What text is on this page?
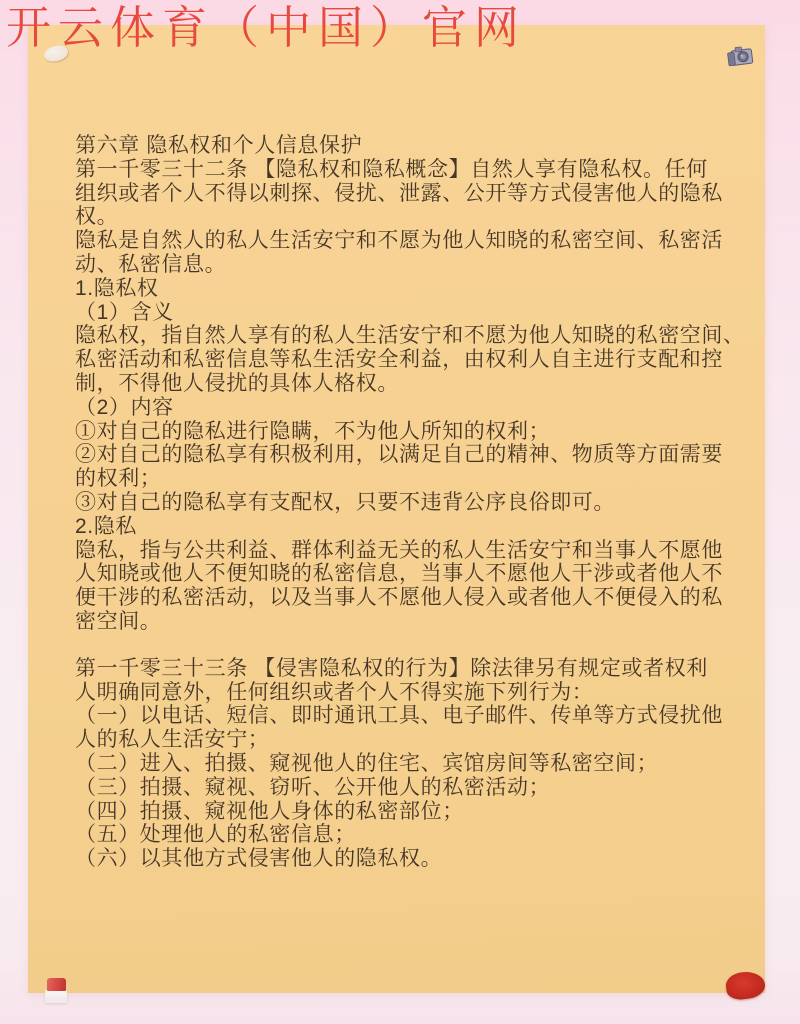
第六章 隐私权和个人信息保护
第一千零三十二条 【隐私权和隐私概念】自然人享有隐私权。任何
组织或者个人不得以刺探、侵扰、泄露、公开等方式侵害他人的隐私
权。
隐私是自然人的私人生活安宁和不愿为他人知晓的私密空间、私密活
动、私密信息。
1.隐私权
（1）含义
隐私权，指自然人享有的私人生活安宁和不愿为他人知晓的私密空间、
私密活动和私密信息等私生活安全利益，由权利人自主进行支配和控
制，不得他人侵扰的具体人格权。
（2）内容
①对自己的隐私进行隐瞒，不为他人所知的权利；
②对自己的隐私享有积极利用，以满足自己的精神、物质等方面需要
的权利；
③对自己的隐私享有支配权，只要不违背公序良俗即可。
2.隐私
隐私，指与公共利益、群体利益无关的私人生活安宁和当事人不愿他
人知晓或他人不便知晓的私密信息，当事人不愿他人干涉或者他人不
便干涉的私密活动，以及当事人不愿他人侵入或者他人不便侵入的私
密空间。
第一千零三十三条 【侵害隐私权的行为】除法律另有规定或者权利
人明确同意外，任何组织或者个人不得实施下列行为：
（一）以电话、短信、即时通讯工具、电子邮件、传单等方式侵扰他
人的私人生活安宁；
（二）进入、拍摄、窥视他人的住宅、宾馆房间等私密空间；
（三）拍摄、窥视、窃听、公开他人的私密活动；
（四）拍摄、窥视他人身体的私密部位；
（五）处理他人的私密信息；
（六）以其他方式侵害他人的隐私权。
开云体育（中国）官网
